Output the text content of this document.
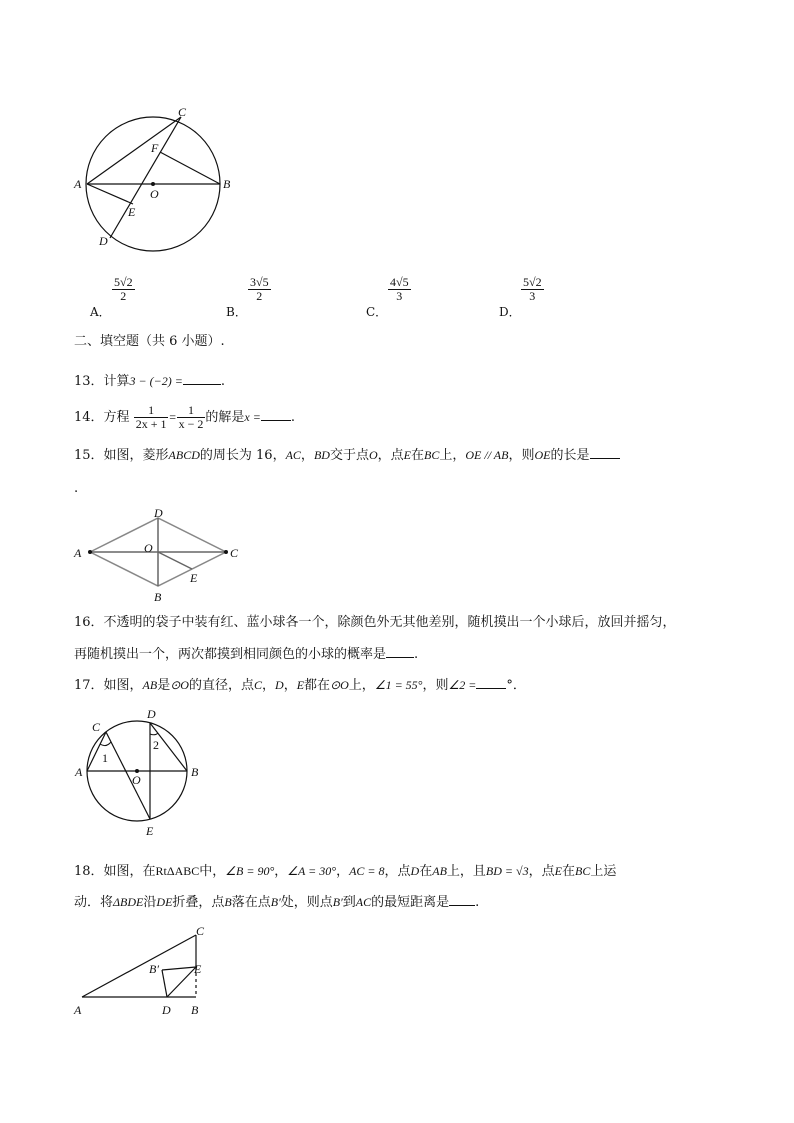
A	B
C
D
E
F
O
A．
$\frac{5√2}{2}$
B．
$\frac{3√5}{2}$
C．
$\frac{4√5}{3}$
D．
$\frac{5√2}{3}$
二、填空题（共 6 小题）.
13．计算3 − (−2) =	.
14．方程 $\frac{1}{2x + 1} = \frac{1}{x - 2}$ 的解是x = .
15．如图，菱形ABCD的周长为 16，AC，BD交于点O，点E在BC上，OE // AB，则OE的长是
.
A	C
D
B
O
E
16．不透明的袋子中装有红、蓝小球各一个，除颜色外无其他差别，随机摸出一个小球后，放回并摇匀，
再随机摸出一个，两次都摸到相同颜色的小球的概率是 .
17．如图，AB是⊙O的直径，点C，D，E都在⊙O上，∠1 = 55°，则∠2 = °．
A	B
C
D
E
O
1
2
18．如图，在RtΔABC中，∠B = 90°，∠A = 30°，AC = 8，点D在AB上，且BD = √3，点E在BC上运
动．将ΔBDE沿DE折叠，点B落在点B′处，则点B′到AC的最短距离是 .
A	D B
C
E
B′
